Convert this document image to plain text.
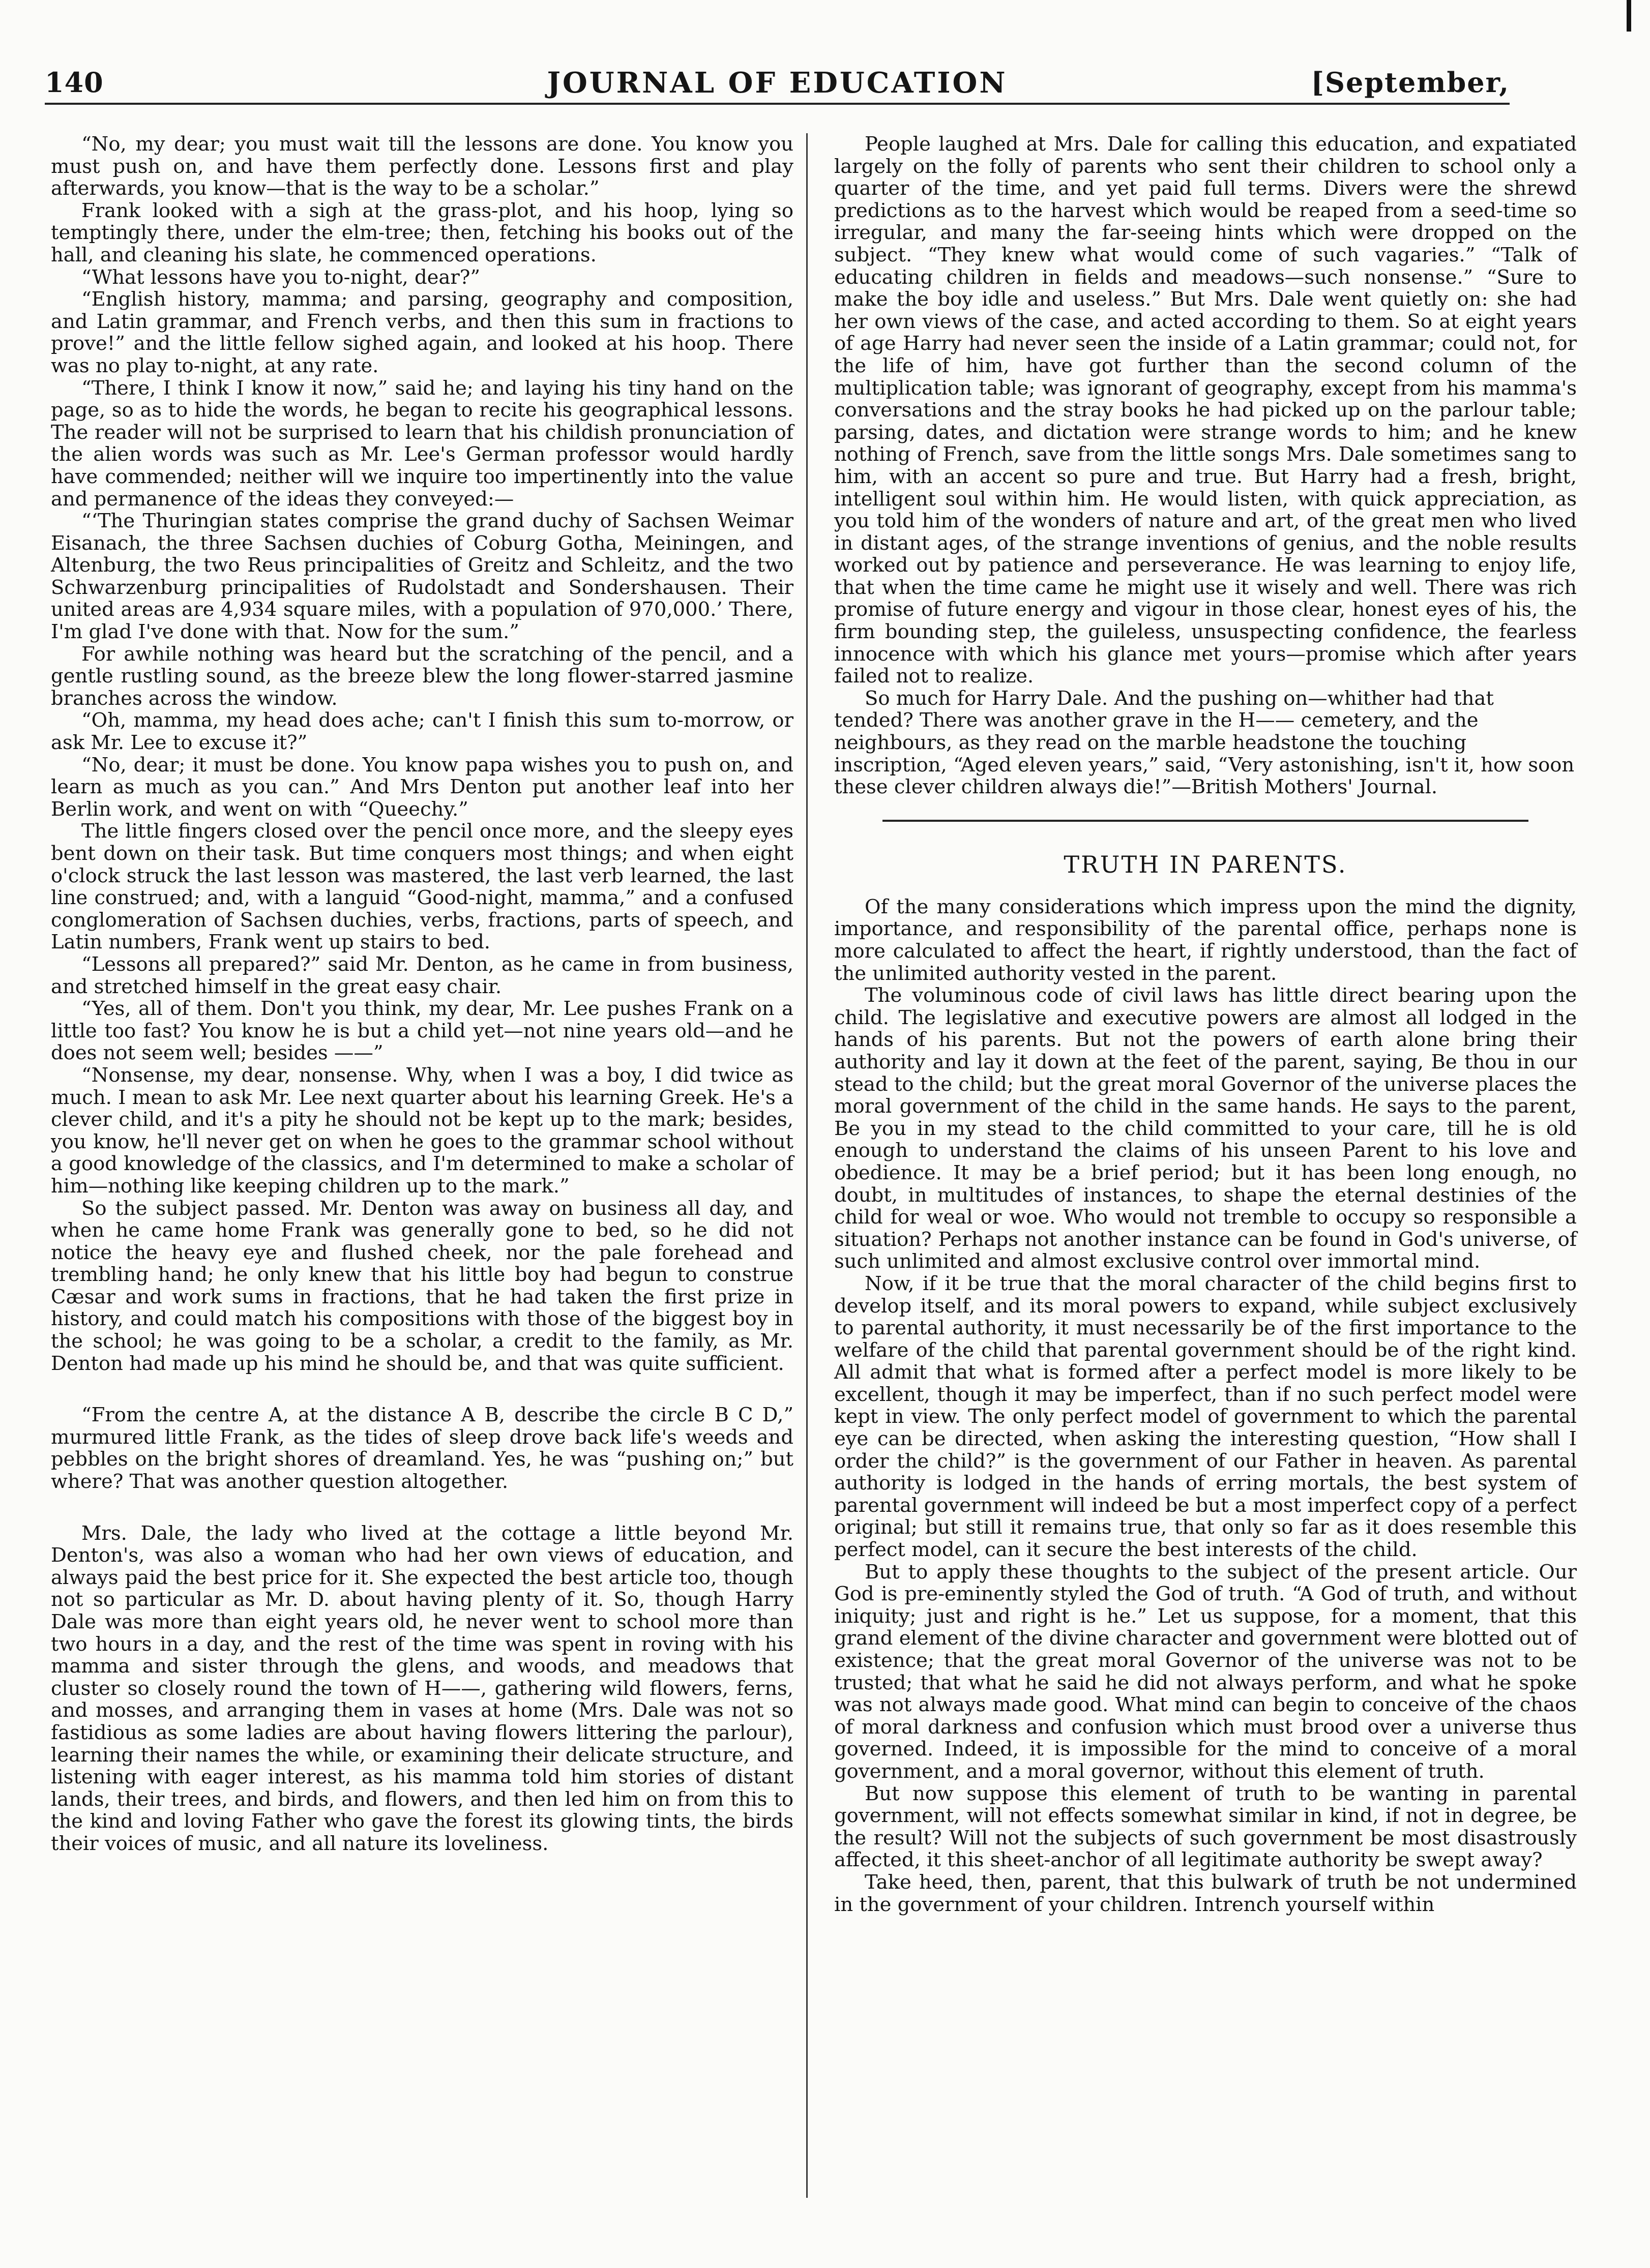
140	JOURNAL OF EDUCATION	[September,

“No, my dear; you must wait till the lessons are done. You know you must push on, and have them perfectly done. Lessons first and play afterwards, you know—that is the way to be a scholar.”

Frank looked with a sigh at the grass-plot, and his hoop, lying so temptingly there, under the elm-tree; then, fetching his books out of the hall, and cleaning his slate, he commenced operations.

“What lessons have you to-night, dear?”

“English history, mamma; and parsing, geography and composition, and Latin grammar, and French verbs, and then this sum in fractions to prove!” and the little fellow sighed again, and looked at his hoop. There was no play to-night, at any rate.

“There, I think I know it now,” said he; and laying his tiny hand on the page, so as to hide the words, he began to recite his geographical lessons. The reader will not be surprised to learn that his childish pronunciation of the alien words was such as Mr. Lee's German professor would hardly have commended; neither will we inquire too impertinently into the value and permanence of the ideas they conveyed:—

“‘The Thuringian states comprise the grand duchy of Sachsen Weimar Eisanach, the three Sachsen duchies of Coburg Gotha, Meiningen, and Altenburg, the two Reus principalities of Greitz and Schleitz, and the two Schwarzenburg principalities of Rudolstadt and Sondershausen. Their united areas are 4,934 square miles, with a population of 970,000.’ There, I'm glad I've done with that. Now for the sum.”

For awhile nothing was heard but the scratching of the pencil, and a gentle rustling sound, as the breeze blew the long flower-starred jasmine branches across the window.

“Oh, mamma, my head does ache; can't I finish this sum to-morrow, or ask Mr. Lee to excuse it?”

“No, dear; it must be done. You know papa wishes you to push on, and learn as much as you can.” And Mrs Denton put another leaf into her Berlin work, and went on with “Queechy.”

The little fingers closed over the pencil once more, and the sleepy eyes bent down on their task. But time conquers most things; and when eight o'clock struck the last lesson was mastered, the last verb learned, the last line construed; and, with a languid “Good-night, mamma,” and a confused conglomeration of Sachsen duchies, verbs, fractions, parts of speech, and Latin numbers, Frank went up stairs to bed.

“Lessons all prepared?” said Mr. Denton, as he came in from business, and stretched himself in the great easy chair.

“Yes, all of them. Don't you think, my dear, Mr. Lee pushes Frank on a little too fast? You know he is but a child yet—not nine years old—and he does not seem well; besides ——”

“Nonsense, my dear, nonsense. Why, when I was a boy, I did twice as much. I mean to ask Mr. Lee next quarter about his learning Greek. He's a clever child, and it's a pity he should not be kept up to the mark; besides, you know, he'll never get on when he goes to the grammar school without a good knowledge of the classics, and I'm determined to make a scholar of him—nothing like keeping children up to the mark.”

So the subject passed. Mr. Denton was away on business all day, and when he came home Frank was generally gone to bed, so he did not notice the heavy eye and flushed cheek, nor the pale forehead and trembling hand; he only knew that his little boy had begun to construe Cæsar and work sums in fractions, that he had taken the first prize in history, and could match his compositions with those of the biggest boy in the school; he was going to be a scholar, a credit to the family, as Mr. Denton had made up his mind he should be, and that was quite sufficient.

“From the centre A, at the distance A B, describe the circle B C D,” murmured little Frank, as the tides of sleep drove back life's weeds and pebbles on the bright shores of dreamland. Yes, he was “pushing on;” but where? That was another question altogether.

Mrs. Dale, the lady who lived at the cottage a little beyond Mr. Denton's, was also a woman who had her own views of education, and always paid the best price for it. She expected the best article too, though not so particular as Mr. D. about having plenty of it. So, though Harry Dale was more than eight years old, he never went to school more than two hours in a day, and the rest of the time was spent in roving with his mamma and sister through the glens, and woods, and meadows that cluster so closely round the town of H——, gathering wild flowers, ferns, and mosses, and arranging them in vases at home (Mrs. Dale was not so fastidious as some ladies are about having flowers littering the parlour), learning their names the while, or examining their delicate structure, and listening with eager interest, as his mamma told him stories of distant lands, their trees, and birds, and flowers, and then led him on from this to the kind and loving Father who gave the forest its glowing tints, the birds their voices of music, and all nature its loveliness.

People laughed at Mrs. Dale for calling this education, and expatiated largely on the folly of parents who sent their children to school only a quarter of the time, and yet paid full terms. Divers were the shrewd predictions as to the harvest which would be reaped from a seed-time so irregular, and many the far-seeing hints which were dropped on the subject. “They knew what would come of such vagaries.” “Talk of educating children in fields and meadows—such nonsense.” “Sure to make the boy idle and useless.” But Mrs. Dale went quietly on: she had her own views of the case, and acted according to them. So at eight years of age Harry had never seen the inside of a Latin grammar; could not, for the life of him, have got further than the second column of the multiplication table; was ignorant of geography, except from his mamma's conversations and the stray books he had picked up on the parlour table; parsing, dates, and dictation were strange words to him; and he knew nothing of French, save from the little songs Mrs. Dale sometimes sang to him, with an accent so pure and true. But Harry had a fresh, bright, intelligent soul within him. He would listen, with quick appreciation, as you told him of the wonders of nature and art, of the great men who lived in distant ages, of the strange inventions of genius, and the noble results worked out by patience and perseverance. He was learning to enjoy life, that when the time came he might use it wisely and well. There was rich promise of future energy and vigour in those clear, honest eyes of his, the firm bounding step, the guileless, unsuspecting confidence, the fearless innocence with which his glance met yours—promise which after years failed not to realize.

So much for Harry Dale. And the pushing on—whither had that tended? There was another grave in the H—— cemetery, and the neighbours, as they read on the marble headstone the touching inscription, “Aged eleven years,” said, “Very astonishing, isn't it, how soon these clever children always die!”—British Mothers' Journal.

TRUTH IN PARENTS.

Of the many considerations which impress upon the mind the dignity, importance, and responsibility of the parental office, perhaps none is more calculated to affect the heart, if rightly understood, than the fact of the unlimited authority vested in the parent.

The voluminous code of civil laws has little direct bearing upon the child. The legislative and executive powers are almost all lodged in the hands of his parents. But not the powers of earth alone bring their authority and lay it down at the feet of the parent, saying, Be thou in our stead to the child; but the great moral Governor of the universe places the moral government of the child in the same hands. He says to the parent, Be you in my stead to the child committed to your care, till he is old enough to understand the claims of his unseen Parent to his love and obedience. It may be a brief period; but it has been long enough, no doubt, in multitudes of instances, to shape the eternal destinies of the child for weal or woe. Who would not tremble to occupy so responsible a situation? Perhaps not another instance can be found in God's universe, of such unlimited and almost exclusive control over immortal mind.

Now, if it be true that the moral character of the child begins first to develop itself, and its moral powers to expand, while subject exclusively to parental authority, it must necessarily be of the first importance to the welfare of the child that parental government should be of the right kind. All admit that what is formed after a perfect model is more likely to be excellent, though it may be imperfect, than if no such perfect model were kept in view. The only perfect model of government to which the parental eye can be directed, when asking the interesting question, “How shall I order the child?” is the government of our Father in heaven. As parental authority is lodged in the hands of erring mortals, the best system of parental government will indeed be but a most imperfect copy of a perfect original; but still it remains true, that only so far as it does resemble this perfect model, can it secure the best interests of the child.

But to apply these thoughts to the subject of the present article. Our God is pre-eminently styled the God of truth. “A God of truth, and without iniquity; just and right is he.” Let us suppose, for a moment, that this grand element of the divine character and government were blotted out of existence; that the great moral Governor of the universe was not to be trusted; that what he said he did not always perform, and what he spoke was not always made good. What mind can begin to conceive of the chaos of moral darkness and confusion which must brood over a universe thus governed. Indeed, it is impossible for the mind to conceive of a moral government, and a moral governor, without this element of truth.

But now suppose this element of truth to be wanting in parental government, will not effects somewhat similar in kind, if not in degree, be the result? Will not the subjects of such government be most disastrously affected, it this sheet-anchor of all legitimate authority be swept away?

Take heed, then, parent, that this bulwark of truth be not undermined in the government of your children. Intrench yourself within
